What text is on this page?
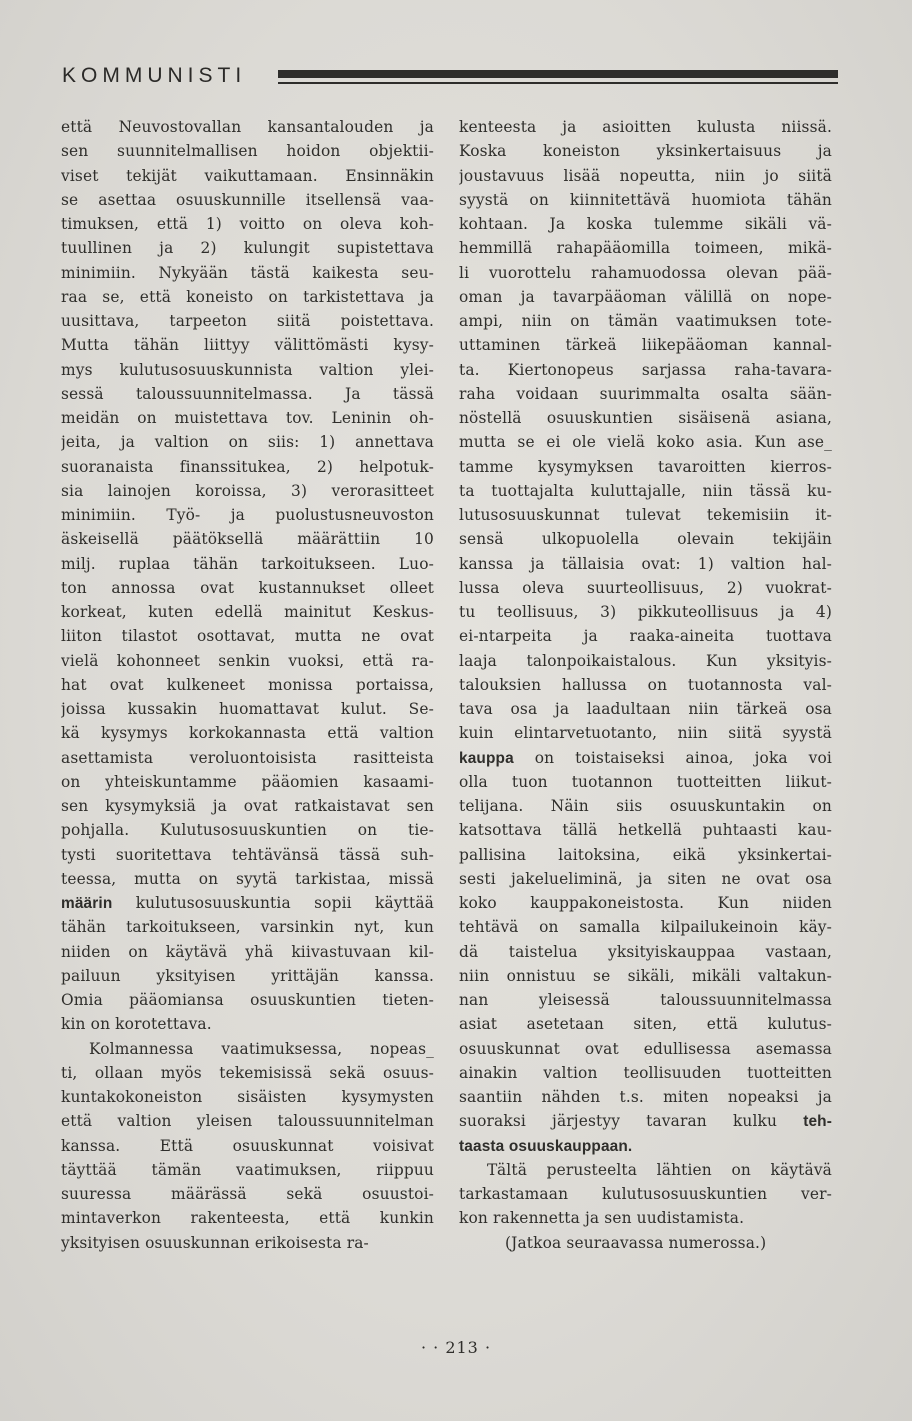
KOMMUNISTI
että Neuvostovallan kansantalouden ja
sen suunnitelmallisen hoidon objektii-
viset tekijät vaikuttamaan. Ensinnäkin
se asettaa osuuskunnille itsellensä vaa-
timuksen, että 1) voitto on oleva koh-
tuullinen ja 2) kulungit supistettava
minimiin. Nykyään tästä kaikesta seu-
raa se, että koneisto on tarkistettava ja
uusittava, tarpeeton siitä poistettava.
Mutta tähän liittyy välittömästi kysy-
mys kulutusosuuskunnista valtion ylei-
sessä taloussuunnitelmassa. Ja tässä
meidän on muistettava tov. Leninin oh-
jeita, ja valtion on siis: 1) annettava
suoranaista finanssitukea, 2) helpotuk-
sia lainojen koroissa, 3) verorasitteet
minimiin. Työ- ja puolustusneuvoston
äskeisellä päätöksellä määrättiin 10
milj. ruplaa tähän tarkoitukseen. Luo-
ton annossa ovat kustannukset olleet
korkeat, kuten edellä mainitut Keskus-
liiton tilastot osottavat, mutta ne ovat
vielä kohonneet senkin vuoksi, että ra-
hat ovat kulkeneet monissa portaissa,
joissa kussakin huomattavat kulut. Se-
kä kysymys korkokannasta että valtion
asettamista veroluontoisista rasitteista
on yhteiskuntamme pääomien kasaami-
sen kysymyksiä ja ovat ratkaistavat sen
pohjalla. Kulutusosuuskuntien on tie-
tysti suoritettava tehtävänsä tässä suh-
teessa, mutta on syytä tarkistaa, missä
määrin kulutusosuuskuntia sopii käyttää
tähän tarkoitukseen, varsinkin nyt, kun
niiden on käytävä yhä kiivastuvaan kil-
pailuun yksityisen yrittäjän kanssa.
Omia pääomiansa osuuskuntien tieten-
kin on korotettava.
Kolmannessa vaatimuksessa, nopeas_
ti, ollaan myös tekemisissä sekä osuus-
kuntakokoneiston sisäisten kysymysten
että valtion yleisen taloussuunnitelman
kanssa. Että osuuskunnat voisivat
täyttää tämän vaatimuksen, riippuu
suuressa määrässä sekä osuustoi-
mintaverkon rakenteesta, että kunkin
yksityisen osuuskunnan erikoisesta ra-
kenteesta ja asioitten kulusta niissä.
Koska koneiston yksinkertaisuus ja
joustavuus lisää nopeutta, niin jo siitä
syystä on kiinnitettävä huomiota tähän
kohtaan. Ja koska tulemme sikäli vä-
hemmillä rahapääomilla toimeen, mikä-
li vuorottelu rahamuodossa olevan pää-
oman ja tavarpääoman välillä on nope-
ampi, niin on tämän vaatimuksen tote-
uttaminen tärkeä liikepääoman kannal-
ta. Kiertonopeus sarjassa raha-tavara-
raha voidaan suurimmalta osalta sään-
nöstellä osuuskuntien sisäisenä asiana,
mutta se ei ole vielä koko asia. Kun ase_
tamme kysymyksen tavaroitten kierros-
ta tuottajalta kuluttajalle, niin tässä ku-
lutusosuuskunnat tulevat tekemisiin it-
sensä ulkopuolella olevain tekijäin
kanssa ja tällaisia ovat: 1) valtion hal-
lussa oleva suurteollisuus, 2) vuokrat-
tu teollisuus, 3) pikkuteollisuus ja 4)
ei-ntarpeita ja raaka-aineita tuottava
laaja talonpoikaistalous. Kun yksityis-
talouksien hallussa on tuotannosta val-
tava osa ja laadultaan niin tärkeä osa
kuin elintarvetuotanto, niin siitä syystä
kauppa on toistaiseksi ainoa, joka voi
olla tuon tuotannon tuotteitten liikut-
telijana. Näin siis osuuskuntakin on
katsottava tällä hetkellä puhtaasti kau-
pallisina laitoksina, eikä yksinkertai-
sesti jakelueliminä, ja siten ne ovat osa
koko kauppakoneistosta. Kun niiden
tehtävä on samalla kilpailukeinoin käy-
dä taistelua yksityiskauppaa vastaan,
niin onnistuu se sikäli, mikäli valtakun-
nan yleisessä taloussuunnitelmassa
asiat asetetaan siten, että kulutus-
osuuskunnat ovat edullisessa asemassa
ainakin valtion teollisuuden tuotteitten
saantiin nähden t.s. miten nopeaksi ja
suoraksi järjestyy tavaran kulku teh-
taasta osuuskauppaan.
Tältä perusteelta lähtien on käytävä
tarkastamaan kulutusosuuskuntien ver-
kon rakennetta ja sen uudistamista.
(Jatkoa seuraavassa numerossa.)
· · 213 ·
